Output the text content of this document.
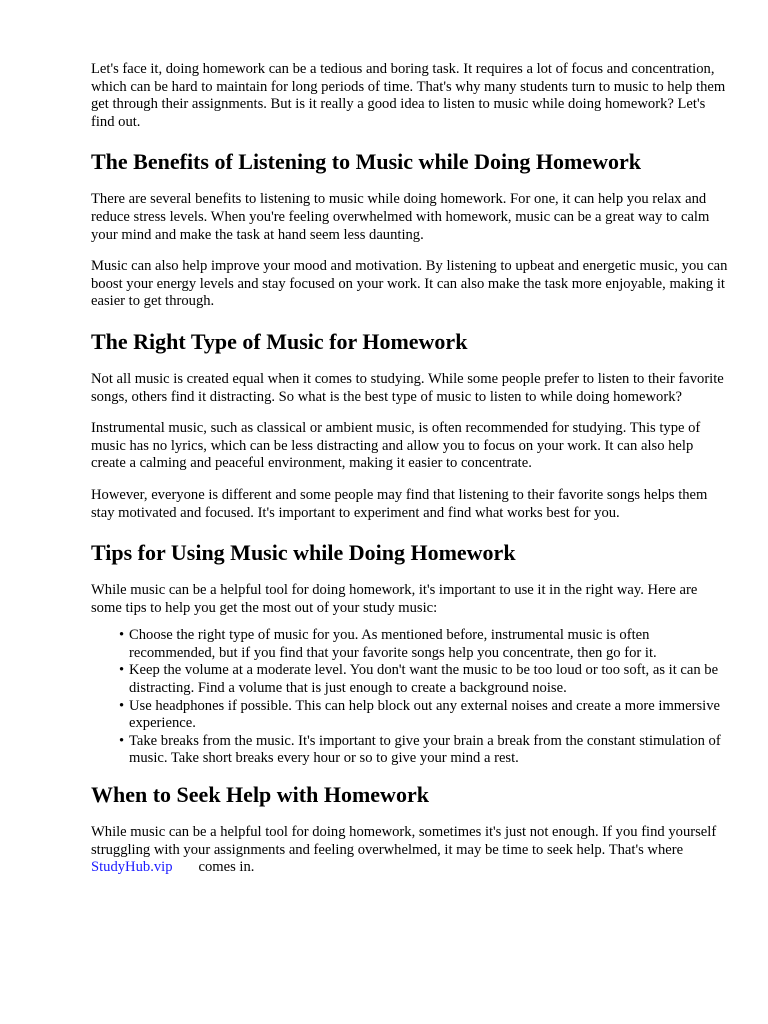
Let's face it, doing homework can be a tedious and boring task. It requires a lot of focus and concentration, which can be hard to maintain for long periods of time. That's why many students turn to music to help them get through their assignments. But is it really a good idea to listen to music while doing homework? Let's find out.

The Benefits of Listening to Music while Doing Homework

There are several benefits to listening to music while doing homework. For one, it can help you relax and reduce stress levels. When you're feeling overwhelmed with homework, music can be a great way to calm your mind and make the task at hand seem less daunting.

Music can also help improve your mood and motivation. By listening to upbeat and energetic music, you can boost your energy levels and stay focused on your work. It can also make the task more enjoyable, making it easier to get through.

The Right Type of Music for Homework

Not all music is created equal when it comes to studying. While some people prefer to listen to their favorite songs, others find it distracting. So what is the best type of music to listen to while doing homework?

Instrumental music, such as classical or ambient music, is often recommended for studying. This type of music has no lyrics, which can be less distracting and allow you to focus on your work. It can also help create a calming and peaceful environment, making it easier to concentrate.

However, everyone is different and some people may find that listening to their favorite songs helps them stay motivated and focused. It's important to experiment and find what works best for you.

Tips for Using Music while Doing Homework

While music can be a helpful tool for doing homework, it's important to use it in the right way. Here are some tips to help you get the most out of your study music:

• Choose the right type of music for you. As mentioned before, instrumental music is often recommended, but if you find that your favorite songs help you concentrate, then go for it.
• Keep the volume at a moderate level. You don't want the music to be too loud or too soft, as it can be distracting. Find a volume that is just enough to create a background noise.
• Use headphones if possible. This can help block out any external noises and create a more immersive experience.
• Take breaks from the music. It's important to give your brain a break from the constant stimulation of music. Take short breaks every hour or so to give your mind a rest.
When to Seek Help with Homework

While music can be a helpful tool for doing homework, sometimes it's just not enough. If you find yourself struggling with your assignments and feeling overwhelmed, it may be time to seek help. That's whereStudyHub.vip comes in.
